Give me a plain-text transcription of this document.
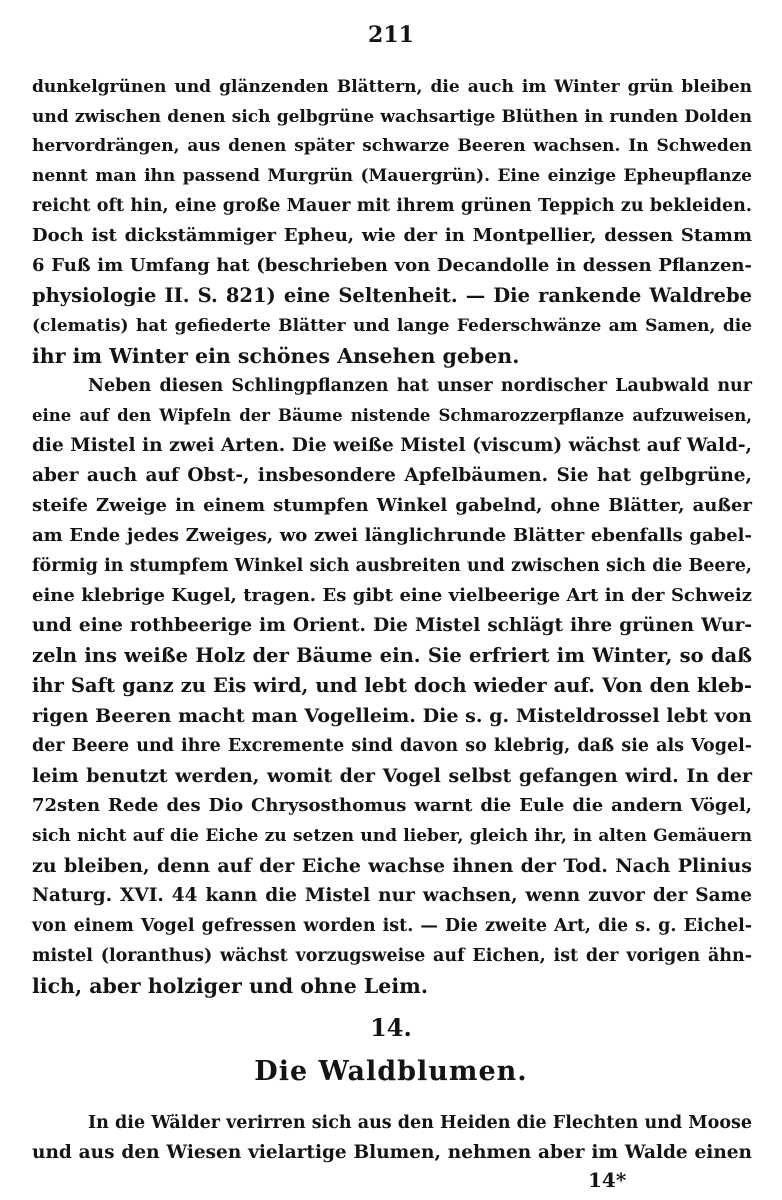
211
dunkelgrünen und glänzenden Blättern, die auch im Winter grün bleiben
und zwischen denen sich gelbgrüne wachsartige Blüthen in runden Dolden
hervordrängen, aus denen später schwarze Beeren wachsen. In Schweden
nennt man ihn passend Murgrün (Mauergrün). Eine einzige Epheupflanze
reicht oft hin, eine große Mauer mit ihrem grünen Teppich zu bekleiden.
Doch ist dickstämmiger Epheu, wie der in Montpellier, dessen Stamm
6 Fuß im Umfang hat (beschrieben von Decandolle in dessen Pflanzen-
physiologie II. S. 821) eine Seltenheit. — Die rankende Waldrebe
(clematis) hat gefiederte Blätter und lange Federschwänze am Samen, die
ihr im Winter ein schönes Ansehen geben.
Neben diesen Schlingpflanzen hat unser nordischer Laubwald nur
eine auf den Wipfeln der Bäume nistende Schmarozzerpflanze aufzuweisen,
die Mistel in zwei Arten. Die weiße Mistel (viscum) wächst auf Wald-,
aber auch auf Obst-, insbesondere Apfelbäumen. Sie hat gelbgrüne,
steife Zweige in einem stumpfen Winkel gabelnd, ohne Blätter, außer
am Ende jedes Zweiges, wo zwei länglichrunde Blätter ebenfalls gabel-
förmig in stumpfem Winkel sich ausbreiten und zwischen sich die Beere,
eine klebrige Kugel, tragen. Es gibt eine vielbeerige Art in der Schweiz
und eine rothbeerige im Orient. Die Mistel schlägt ihre grünen Wur-
zeln ins weiße Holz der Bäume ein. Sie erfriert im Winter, so daß
ihr Saft ganz zu Eis wird, und lebt doch wieder auf. Von den kleb-
rigen Beeren macht man Vogelleim. Die s. g. Misteldrossel lebt von
der Beere und ihre Excremente sind davon so klebrig, daß sie als Vogel-
leim benutzt werden, womit der Vogel selbst gefangen wird. In der
72sten Rede des Dio Chrysosthomus warnt die Eule die andern Vögel,
sich nicht auf die Eiche zu setzen und lieber, gleich ihr, in alten Gemäuern
zu bleiben, denn auf der Eiche wachse ihnen der Tod. Nach Plinius
Naturg. XVI. 44 kann die Mistel nur wachsen, wenn zuvor der Same
von einem Vogel gefressen worden ist. — Die zweite Art, die s. g. Eichel-
mistel (loranthus) wächst vorzugsweise auf Eichen, ist der vorigen ähn-
lich, aber holziger und ohne Leim.
14.
Die Waldblumen.
In die Wälder verirren sich aus den Heiden die Flechten und Moose
und aus den Wiesen vielartige Blumen, nehmen aber im Walde einen
14*
